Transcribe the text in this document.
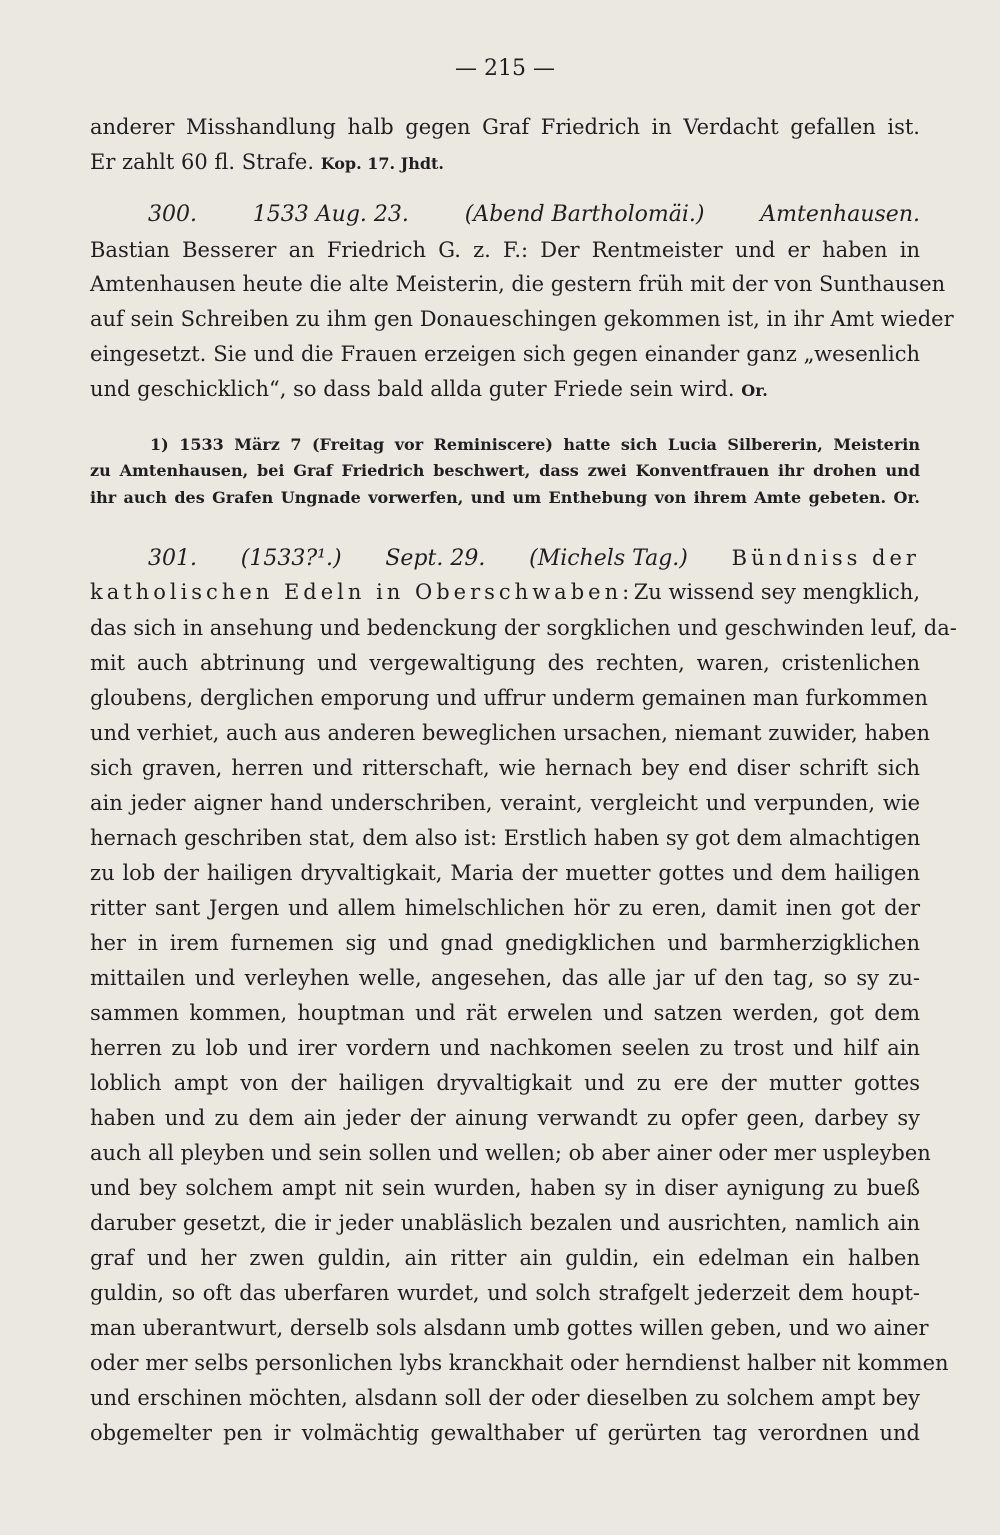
— 215 —
anderer Misshandlung halb gegen Graf Friedrich in Verdacht gefallen ist.
Er zahlt 60 fl. Strafe. Kop. 17. Jhdt.
300.	1533 Aug. 23.	(Abend Bartholomäi.)	Amtenhausen.
Bastian Besserer an Friedrich G. z. F.: Der Rentmeister und er haben in
Amtenhausen heute die alte Meisterin, die gestern früh mit der von Sunthausen
auf sein Schreiben zu ihm gen Donaueschingen gekommen ist, in ihr Amt wieder
eingesetzt. Sie und die Frauen erzeigen sich gegen einander ganz „wesenlich
und geschicklich“, so dass bald allda guter Friede sein wird. Or.
1) 1533 März 7 (Freitag vor Reminiscere) hatte sich Lucia Silbererin, Meisterin
zu Amtenhausen, bei Graf Friedrich beschwert, dass zwei Konventfrauen ihr drohen und
ihr auch des Grafen Ungnade vorwerfen, und um Enthebung von ihrem Amte gebeten. Or.
301. (1533?¹.) Sept. 29. (Michels Tag.) Bündniss der
katholischen Edeln in Oberschwaben: Zu wissend sey mengklich,
das sich in ansehung und bedenckung der sorgklichen und geschwinden leuf, da-
mit auch abtrinung und vergewaltigung des rechten, waren, cristenlichen
gloubens, derglichen emporung und uffrur underm gemainen man furkommen
und verhiet, auch aus anderen beweglichen ursachen, niemant zuwider, haben
sich graven, herren und ritterschaft, wie hernach bey end diser schrift sich
ain jeder aigner hand underschriben, veraint, vergleicht und verpunden, wie
hernach geschriben stat, dem also ist: Erstlich haben sy got dem almachtigen
zu lob der hailigen dryvaltigkait, Maria der muetter gottes und dem hailigen
ritter sant Jergen und allem himelschlichen hör zu eren, damit inen got der
her in irem furnemen sig und gnad gnedigklichen und barmherzigklichen
mittailen und verleyhen welle, angesehen, das alle jar uf den tag, so sy zu-
sammen kommen, houptman und rät erwelen und satzen werden, got dem
herren zu lob und irer vordern und nachkomen seelen zu trost und hilf ain
loblich ampt von der hailigen dryvaltigkait und zu ere der mutter gottes
haben und zu dem ain jeder der ainung verwandt zu opfer geen, darbey sy
auch all pleyben und sein sollen und wellen; ob aber ainer oder mer uspleyben
und bey solchem ampt nit sein wurden, haben sy in diser aynigung zu bueß
daruber gesetzt, die ir jeder unabläslich bezalen und ausrichten, namlich ain
graf und her zwen guldin, ain ritter ain guldin, ein edelman ein halben
guldin, so oft das uberfaren wurdet, und solch strafgelt jederzeit dem houpt-
man uberantwurt, derselb sols alsdann umb gottes willen geben, und wo ainer
oder mer selbs personlichen lybs kranckhait oder herndienst halber nit kommen
und erschinen möchten, alsdann soll der oder dieselben zu solchem ampt bey
obgemelter pen ir volmächtig gewalthaber uf gerürten tag verordnen und
